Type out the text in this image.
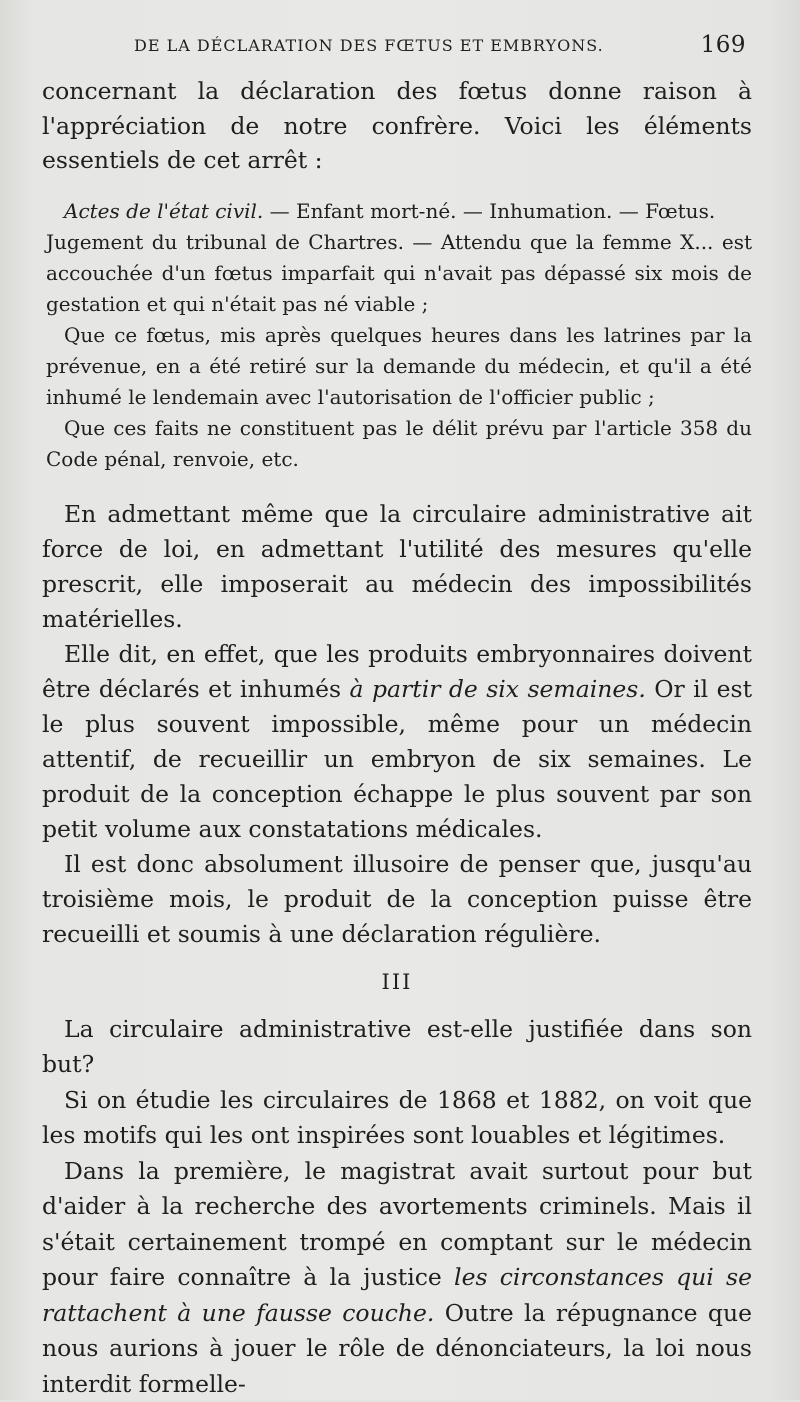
DE LA DÉCLARATION DES FŒTUS ET EMBRYONS.	169

concernant la déclaration des fœtus donne raison à l'appréciation de notre confrère. Voici les éléments essentiels de cet arrêt :

Actes de l'état civil. — Enfant mort-né. — Inhumation. — Fœtus.

Jugement du tribunal de Chartres. — Attendu que la femme X... est accouchée d'un fœtus imparfait qui n'avait pas dépassé six mois de gestation et qui n'était pas né viable ;

Que ce fœtus, mis après quelques heures dans les latrines par la prévenue, en a été retiré sur la demande du médecin, et qu'il a été inhumé le lendemain avec l'autorisation de l'officier public ;

Que ces faits ne constituent pas le délit prévu par l'article 358 du Code pénal, renvoie, etc.

En admettant même que la circulaire administrative ait force de loi, en admettant l'utilité des mesures qu'elle prescrit, elle imposerait au médecin des impossibilités matérielles.

Elle dit, en effet, que les produits embryonnaires doivent être déclarés et inhumés à partir de six semaines. Or il est le plus souvent impossible, même pour un médecin attentif, de recueillir un embryon de six semaines. Le produit de la conception échappe le plus souvent par son petit volume aux constatations médicales.

Il est donc absolument illusoire de penser que, jusqu'au troisième mois, le produit de la conception puisse être recueilli et soumis à une déclaration régulière.

III

La circulaire administrative est-elle justifiée dans son but?

Si on étudie les circulaires de 1868 et 1882, on voit que les motifs qui les ont inspirées sont louables et légitimes.

Dans la première, le magistrat avait surtout pour but d'aider à la recherche des avortements criminels. Mais il s'était certainement trompé en comptant sur le médecin pour faire connaître à la justice les circonstances qui se rattachent à une fausse couche. Outre la répugnance que nous aurions à jouer le rôle de dénonciateurs, la loi nous interdit formelle-
